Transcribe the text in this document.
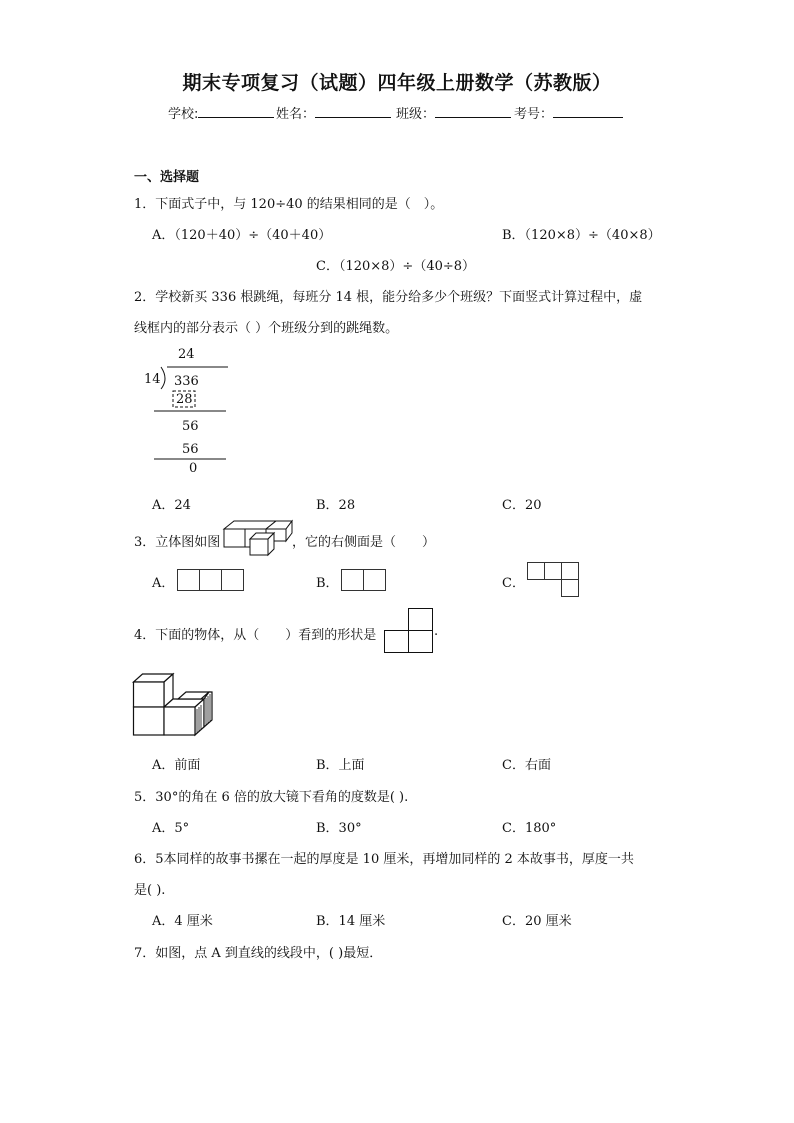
期末专项复习（试题）四年级上册数学（苏教版）
学校:	姓名：	班级：	考号：
一、选择题
1．下面式子中，与 120÷40 的结果相同的是（　）。
A．（120＋40）÷（40＋40）	B．（120×8）÷（40×8）
C．（120×8）÷（40÷8）
2．学校新买 336 根跳绳，每班分 14 根，能分给多少个班级？下面竖式计算过程中，虚
线框内的部分表示（ ）个班级分到的跳绳数。
24
14 336
28
56
56
0
A．24	B．28	C．20
3．立体图如图	，它的右侧面是（　　）
A．	B．	C．
4．下面的物体，从（　　）看到的形状是	.
A．前面	B．上面	C．右面
5．30°的角在 6 倍的放大镜下看角的度数是( ).
A．5°	B．30°	C．180°
6．5本同样的故事书摞在一起的厚度是 10 厘米，再增加同样的 2 本故事书，厚度一共
是( ).
A．4 厘米	B．14 厘米	C．20 厘米
7．如图，点 A 到直线的线段中，( )最短．
